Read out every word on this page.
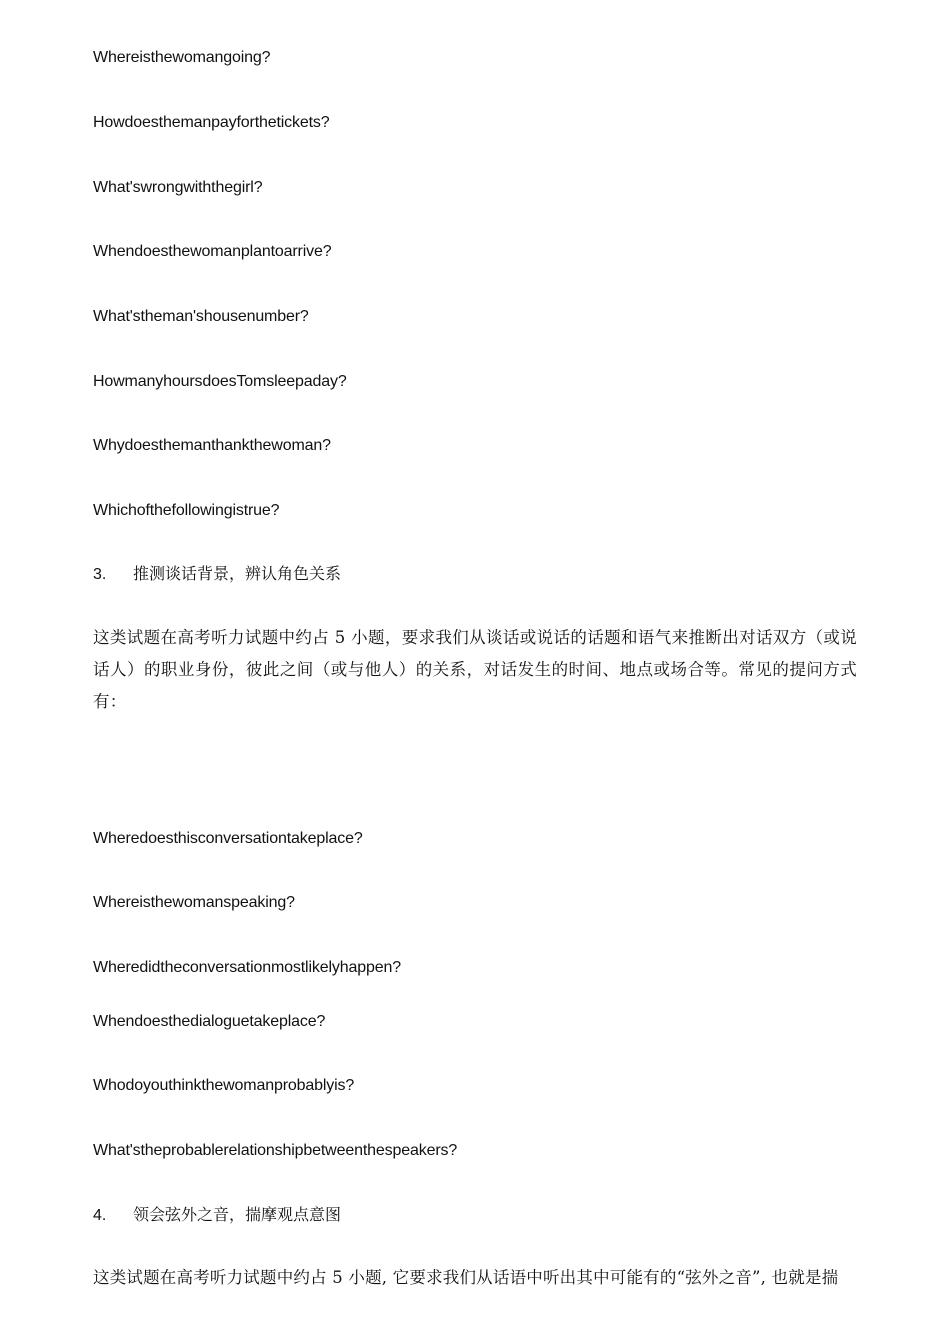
Whereisthewomangoing?
Howdoesthemanpayforthetickets?
What'swrongwiththegirl?
Whendoesthewomanplantoarrive?
What'stheman'shousenumber?
HowmanyhoursdoesTomsleepaday?
Whydoesthemanthankthewoman?
Whichofthefollowingistrue?
3. 推测谈话背景，辨认角色关系
这类试题在高考听力试题中约占 5 小题，要求我们从谈话或说话的话题和语气来推断出对话双方（或说话人）的职业身份，彼此之间（或与他人）的关系，对话发生的时间、地点或场合等。常见的提问方式有：
Wheredoesthisconversationtakeplace?
Whereisthewomanspeaking?
Wheredidtheconversationmostlikelyhappen?
Whendoesthedialoguetakeplace?
Whodoyouthinkthewomanprobablyis?
What'stheprobablerelationshipbetweenthespeakers?
4. 领会弦外之音，揣摩观点意图
这类试题在高考听力试题中约占 5 小题, 它要求我们从话语中听出其中可能有的“弦外之音”, 也就是揣
